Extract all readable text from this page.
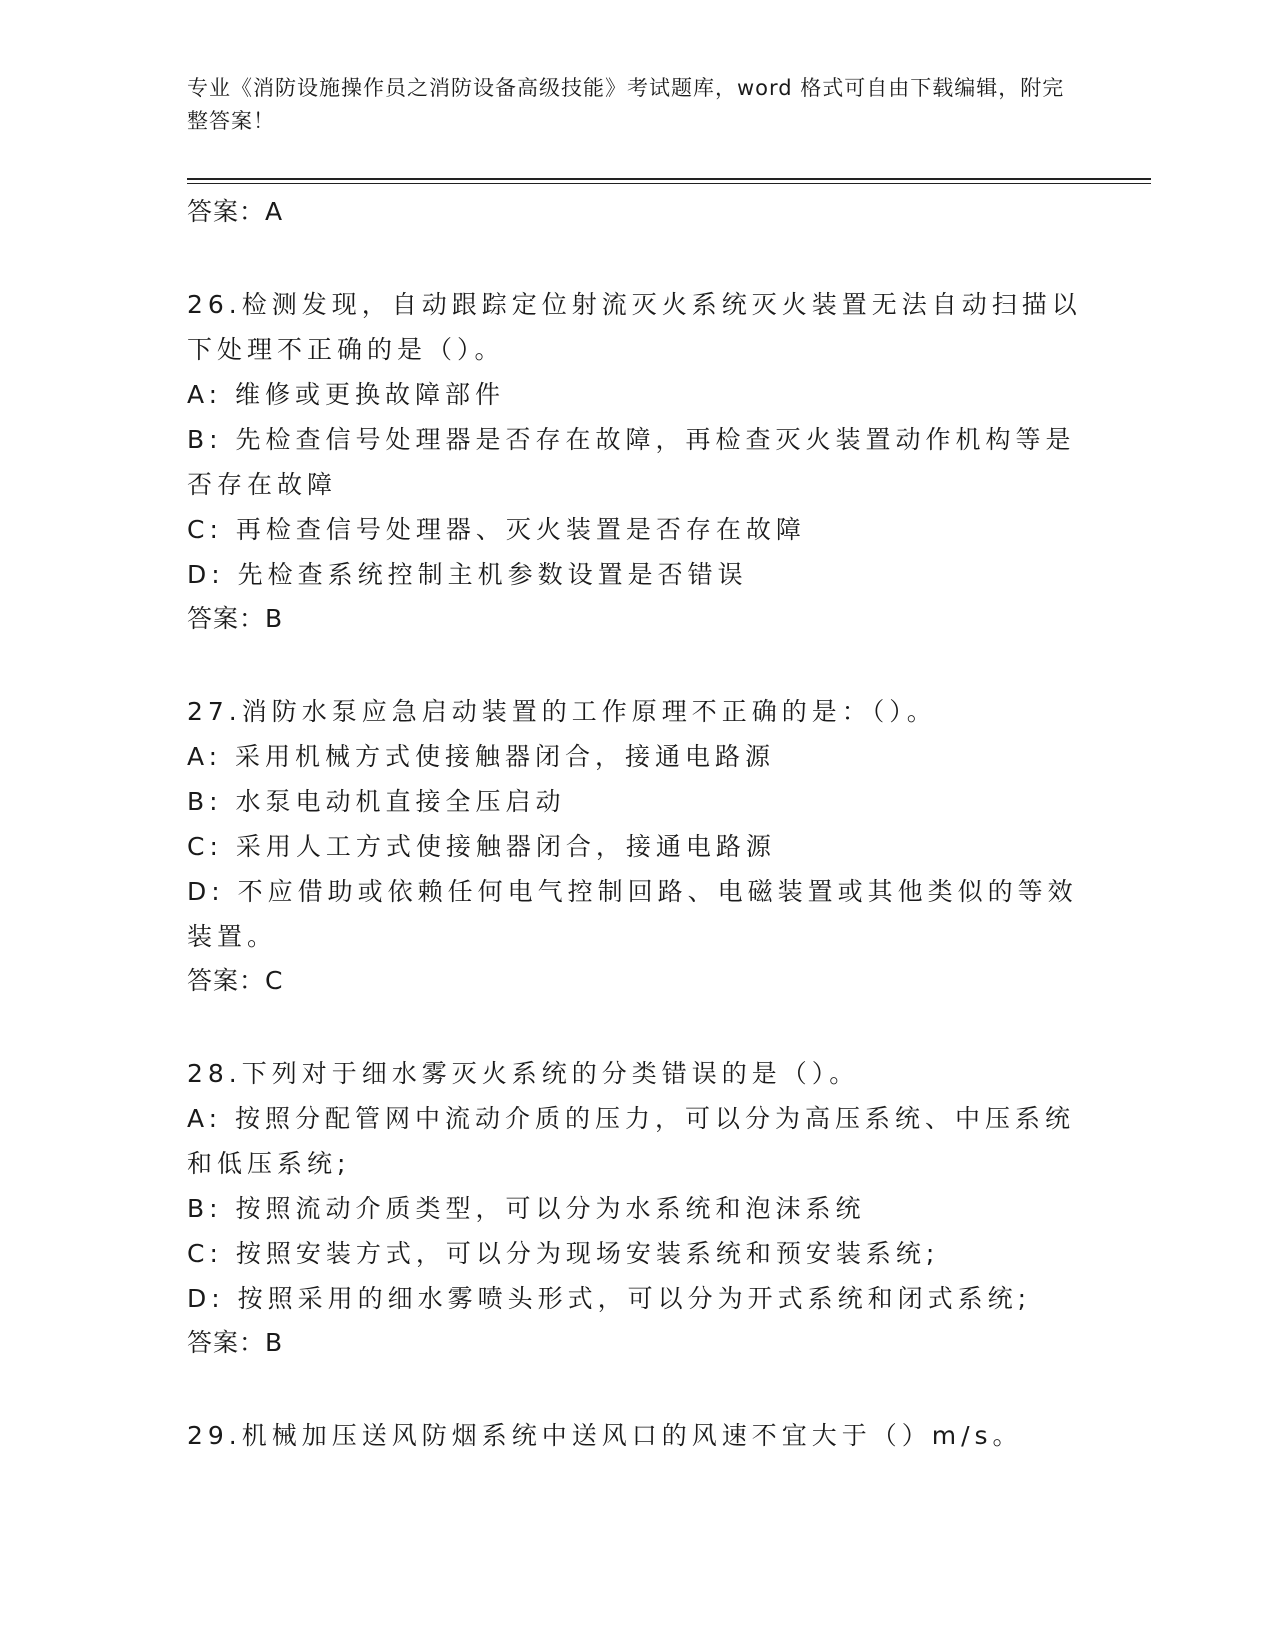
专业《消防设施操作员之消防设备高级技能》考试题库，word 格式可自由下载编辑，附完整答案！
答案：A
26.检测发现，自动跟踪定位射流灭火系统灭火装置无法自动扫描以下处理不正确的是（）。
A: 维修或更换故障部件
B: 先检查信号处理器是否存在故障，再检查灭火装置动作机构等是否存在故障
C: 再检查信号处理器、灭火装置是否存在故障
D: 先检查系统控制主机参数设置是否错误
答案：B
27.消防水泵应急启动装置的工作原理不正确的是：（）。
A: 采用机械方式使接触器闭合，接通电路源
B: 水泵电动机直接全压启动
C: 采用人工方式使接触器闭合，接通电路源
D: 不应借助或依赖任何电气控制回路、电磁装置或其他类似的等效装置。
答案：C
28.下列对于细水雾灭火系统的分类错误的是（）。
A: 按照分配管网中流动介质的压力，可以分为高压系统、中压系统和低压系统;
B: 按照流动介质类型，可以分为水系统和泡沫系统
C: 按照安装方式，可以分为现场安装系统和预安装系统;
D: 按照采用的细水雾喷头形式，可以分为开式系统和闭式系统;
答案：B
29.机械加压送风防烟系统中送风口的风速不宜大于（）m/s。
